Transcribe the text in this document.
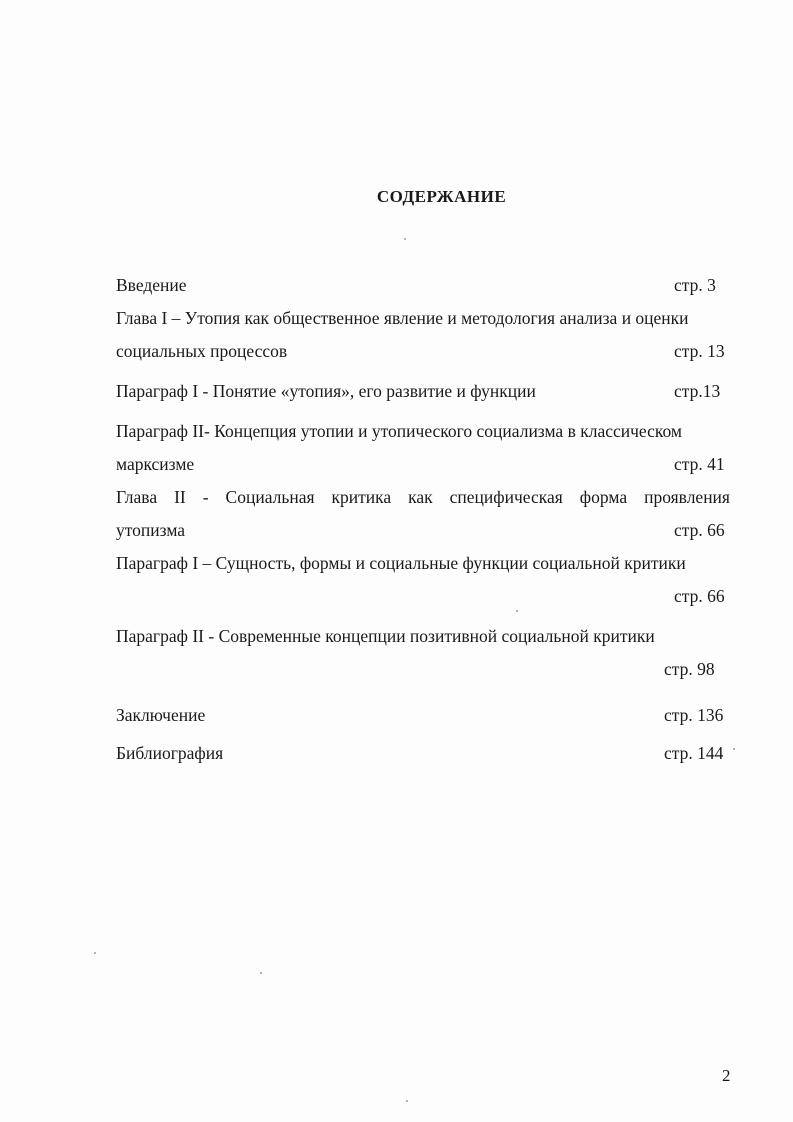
СОДЕРЖАНИЕ
Введение	стр. 3
Глава I – Утопия как общественное явление и методология анализа и оценки
социальных процессов	стр. 13
Параграф I - Понятие «утопия», его развитие и функции	стр.13
Параграф II- Концепция утопии и утопического социализма в классическом
марксизме	стр. 41
Глава II - Социальная критика как специфическая форма проявления
утопизма	стр. 66
Параграф I – Сущность, формы и социальные функции социальной критики
стр. 66
Параграф II - Современные концепции позитивной социальной критики
стр. 98
Заключение	стр. 136
Библиография	стр. 144
2
